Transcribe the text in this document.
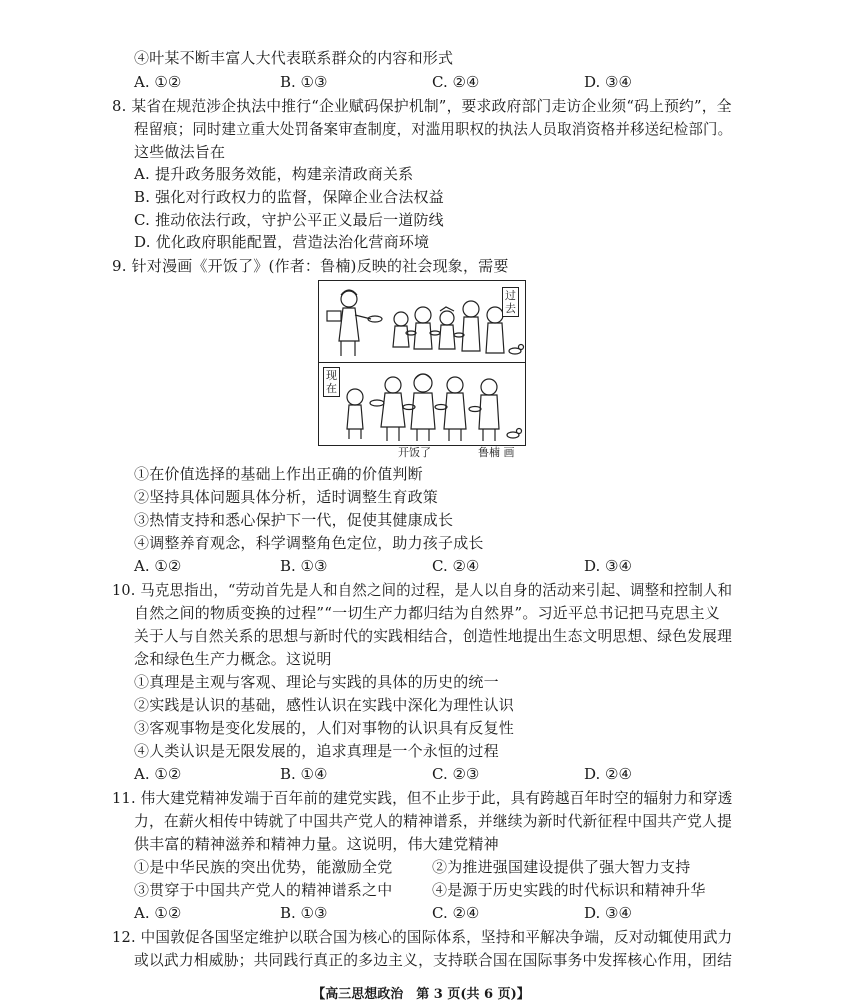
④叶某不断丰富人大代表联系群众的内容和形式
A. ①②	B. ①③	C. ②④	D. ③④
8. 某省在规范涉企执法中推行“企业赋码保护机制”，要求政府部门走访企业须“码上预约”，全
程留痕；同时建立重大处罚备案审查制度，对滥用职权的执法人员取消资格并移送纪检部门。
这些做法旨在
A. 提升政务服务效能，构建亲清政商关系
B. 强化对行政权力的监督，保障企业合法权益
C. 推动依法行政，守护公平正义最后一道防线
D. 优化政府职能配置，营造法治化营商环境
9. 针对漫画《开饭了》(作者：鲁楠)反映的社会现象，需要
过去
现在
开饭了	鲁楠 画
①在价值选择的基础上作出正确的价值判断
②坚持具体问题具体分析，适时调整生育政策
③热情支持和悉心保护下一代，促使其健康成长
④调整养育观念，科学调整角色定位，助力孩子成长
A. ①②	B. ①③	C. ②④	D. ③④
10. 马克思指出，“劳动首先是人和自然之间的过程，是人以自身的活动来引起、调整和控制人和
自然之间的物质变换的过程”“一切生产力都归结为自然界”。习近平总书记把马克思主义
关于人与自然关系的思想与新时代的实践相结合，创造性地提出生态文明思想、绿色发展理
念和绿色生产力概念。这说明
①真理是主观与客观、理论与实践的具体的历史的统一
②实践是认识的基础，感性认识在实践中深化为理性认识
③客观事物是变化发展的，人们对事物的认识具有反复性
④人类认识是无限发展的，追求真理是一个永恒的过程
A. ①②	B. ①④	C. ②③	D. ②④
11. 伟大建党精神发端于百年前的建党实践，但不止步于此，具有跨越百年时空的辐射力和穿透
力，在薪火相传中铸就了中国共产党人的精神谱系，并继续为新时代新征程中国共产党人提
供丰富的精神滋养和精神力量。这说明，伟大建党精神
①是中华民族的突出优势，能激励全党	②为推进强国建设提供了强大智力支持
③贯穿于中国共产党人的精神谱系之中	④是源于历史实践的时代标识和精神升华
A. ①②	B. ①③	C. ②④	D. ③④
12. 中国敦促各国坚定维护以联合国为核心的国际体系，坚持和平解决争端，反对动辄使用武力
或以武力相威胁；共同践行真正的多边主义，支持联合国在国际事务中发挥核心作用，团结
【高三思想政治　第 3 页(共 6 页)】
